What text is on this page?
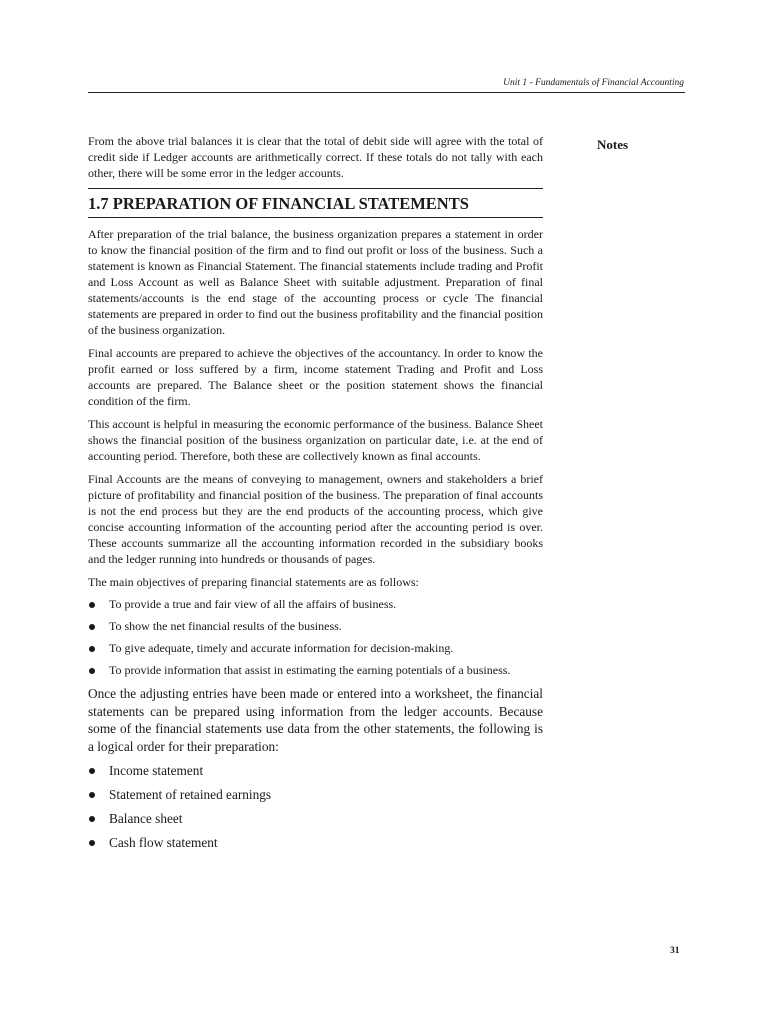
Unit 1 - Fundamentals of Financial Accounting
Notes

From the above trial balances it is clear that the total of debit side will agree with the total of credit side if Ledger accounts are arithmetically correct. If these totals do not tally with each other, there will be some error in the ledger accounts.

1.7 PREPARATION OF FINANCIAL STATEMENTS

After preparation of the trial balance, the business organization prepares a statement in order to know the financial position of the firm and to find out profit or loss of the business. Such a statement is known as Financial Statement. The financial statements include trading and Profit and Loss Account as well as Balance Sheet with suitable adjustment. Preparation of final statements/accounts is the end stage of the accounting process or cycle The financial statements are prepared in order to find out the business profitability and the financial position of the business organization.

Final accounts are prepared to achieve the objectives of the accountancy. In order to know the profit earned or loss suffered by a firm, income statement Trading and Profit and Loss accounts are prepared. The Balance sheet or the position statement shows the financial condition of the firm.

This account is helpful in measuring the economic performance of the business. Balance Sheet shows the financial position of the business organization on particular date, i.e. at the end of accounting period. Therefore, both these are collectively known as final accounts.

Final Accounts are the means of conveying to management, owners and stakeholders a brief picture of profitability and financial position of the business. The preparation of final accounts is not the end process but they are the end products of the accounting process, which give concise accounting information of the accounting period after the accounting period is over. These accounts summarize all the accounting information recorded in the subsidiary books and the ledger running into hundreds or thousands of pages.

The main objectives of preparing financial statements are as follows:

To provide a true and fair view of all the affairs of business.
To show the net financial results of the business.
To give adequate, timely and accurate information for decision-making.
To provide information that assist in estimating the earning potentials of a business.

Once the adjusting entries have been made or entered into a worksheet, the financial statements can be prepared using information from the ledger accounts. Because some of the financial statements use data from the other statements, the following is a logical order for their preparation:

Income statement
Statement of retained earnings
Balance sheet
Cash flow statement
31
